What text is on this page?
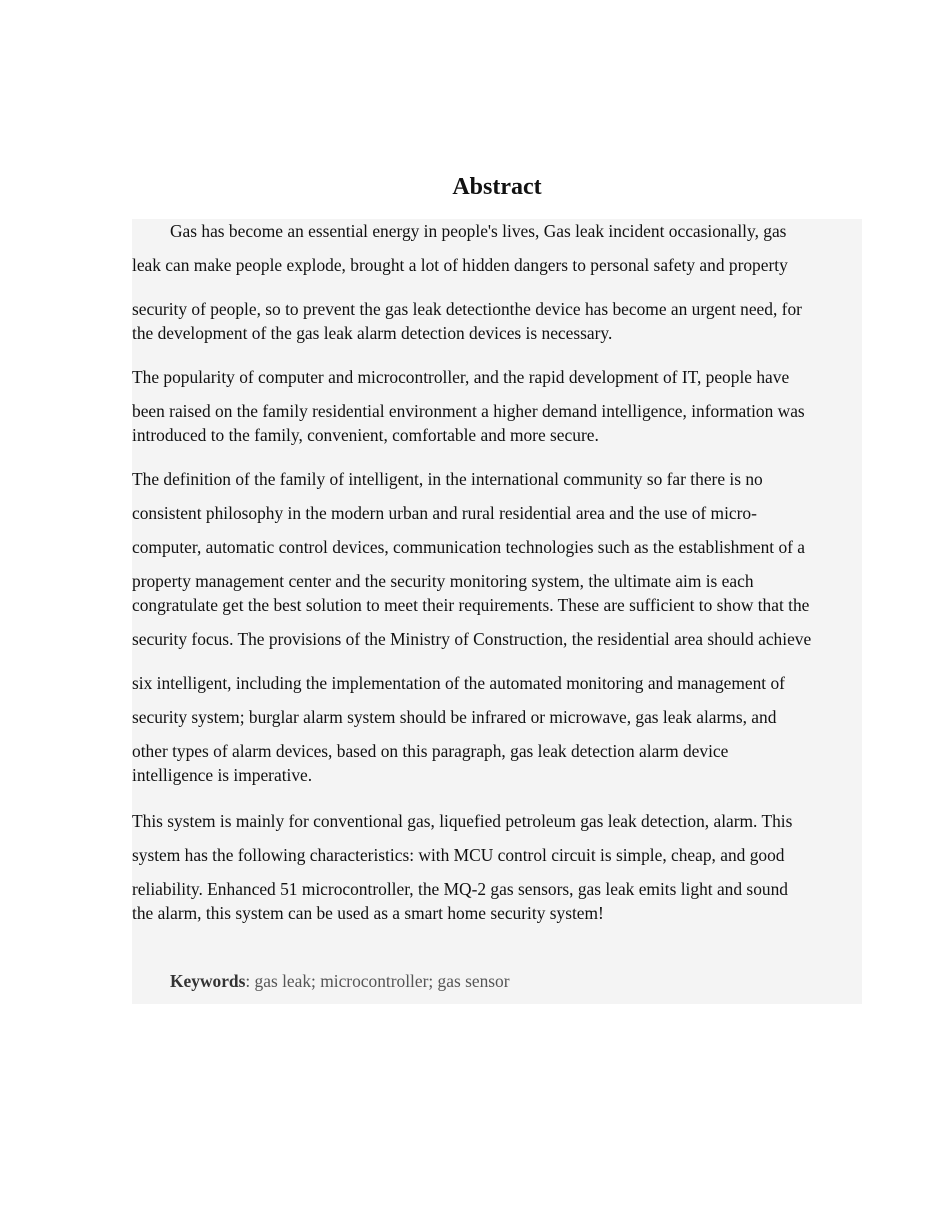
Abstract

Gas has become an essential energy in people's lives, Gas leak incident occasionally, gas
leak can make people explode, brought a lot of hidden dangers to personal safety and property
security of people, so to prevent the gas leak detectionthe device has become an urgent need, for
the development of the gas leak alarm detection devices is necessary.

The popularity of computer and microcontroller, and the rapid development of IT, people have
been raised on the family residential environment a higher demand intelligence, information was
introduced to the family, convenient, comfortable and more secure.

The definition of the family of intelligent, in the international community so far there is no
consistent philosophy in the modern urban and rural residential area and the use of micro-
computer, automatic control devices, communication technologies such as the establishment of a
property management center and the security monitoring system, the ultimate aim is each
congratulate get the best solution to meet their requirements. These are sufficient to show that the
security focus. The provisions of the Ministry of Construction, the residential area should achieve
six intelligent, including the implementation of the automated monitoring and management of
security system; burglar alarm system should be infrared or microwave, gas leak alarms, and
other types of alarm devices, based on this paragraph, gas leak detection alarm device
intelligence is imperative.

This system is mainly for conventional gas, liquefied petroleum gas leak detection, alarm. This
system has the following characteristics: with MCU control circuit is simple, cheap, and good
reliability. Enhanced 51 microcontroller, the MQ-2 gas sensors, gas leak emits light and sound
the alarm, this system can be used as a smart home security system!

Keywords: gas leak; microcontroller; gas sensor
